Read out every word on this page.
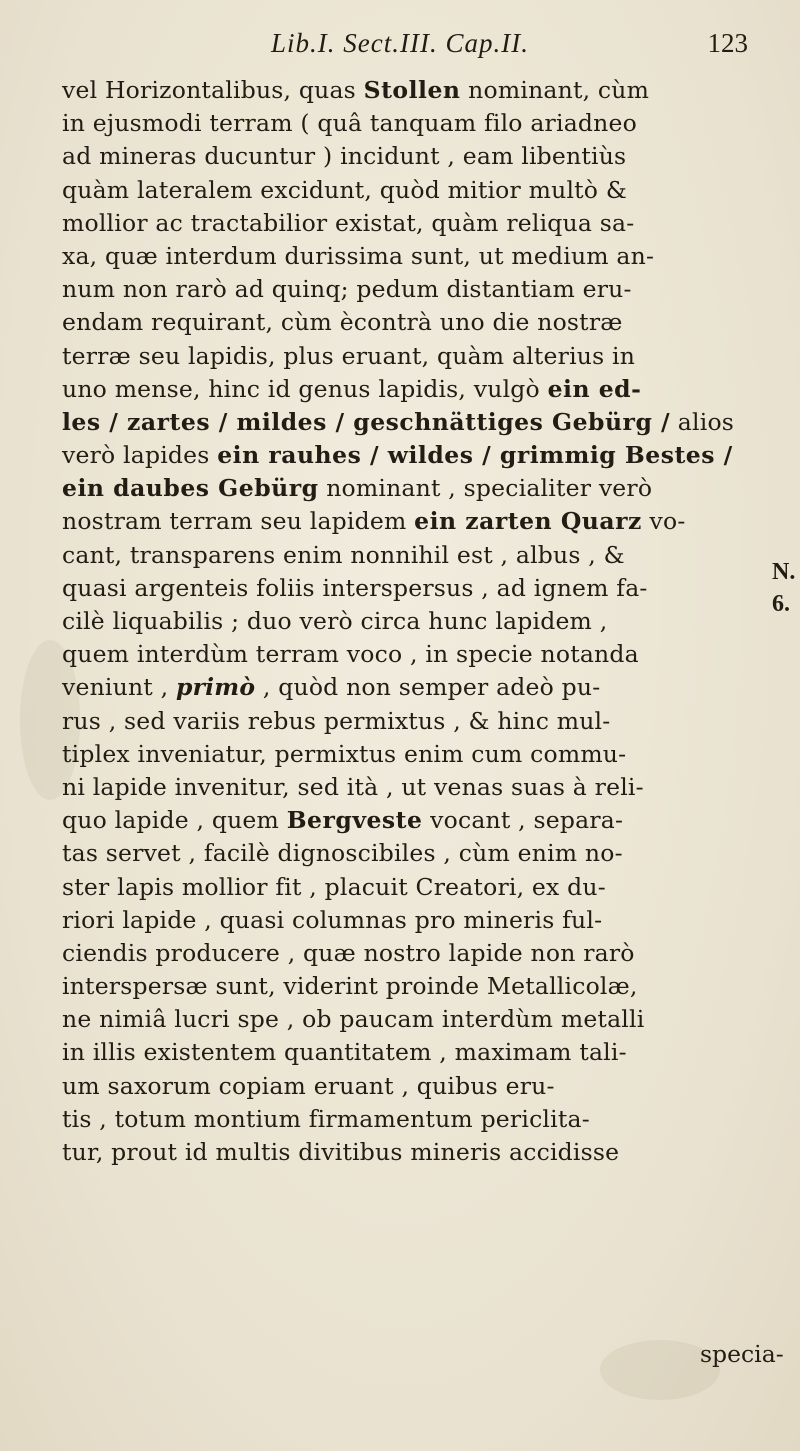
Lib.I. Sect.III. Cap.II.	123
vel Horizontalibus, quas Stollen nominant, cùm
in ejusmodi terram ( quâ tanquam filo ariadneo
ad mineras ducuntur ) incidunt , eam libentiùs
quàm lateralem excidunt, quòd mitior multò &
mollior ac tractabilior existat, quàm reliqua sa-
xa, quæ interdum durissima sunt, ut medium an-
num non rarò ad quinq; pedum distantiam eru-
endam requirant, cùm ècontrà uno die nostræ
terræ seu lapidis, plus eruant, quàm alterius in
uno mense, hinc id genus lapidis, vulgò ein ed-
les / zartes / mildes / geschnättiges Gebürg / alios
verò lapides ein rauhes / wildes / grimmig Bestes /
ein daubes Gebürg nominant , specialiter verò
nostram terram seu lapidem ein zarten Quarz vo-
cant, transparens enim nonnihil est , albus , &
quasi argenteis foliis interspersus , ad ignem fa-
cilè liquabilis ; duo verò circa hunc lapidem ,
quem interdùm terram voco , in specie notanda
veniunt , primò , quòd non semper adeò pu-
rus , sed variis rebus permixtus , & hinc mul-
tiplex inveniatur, permixtus enim cum commu-
ni lapide invenitur, sed ità , ut venas suas à reli-
quo lapide , quem Bergveste vocant , separa-
tas servet , facilè dignoscibiles , cùm enim no-
ster lapis mollior fit , placuit Creatori, ex du-
riori lapide , quasi columnas pro mineris ful-
ciendis producere , quæ nostro lapide non rarò
interspersæ sunt, viderint proinde Metallicolæ,
ne nimiâ lucri spe , ob paucam interdùm metalli
in illis existentem quantitatem , maximam tali-
um saxorum copiam eruant , quibus eru-
tis , totum montium firmamentum periclita-
tur, prout id multis divitibus mineris accidisse
N.
6.
specia-
